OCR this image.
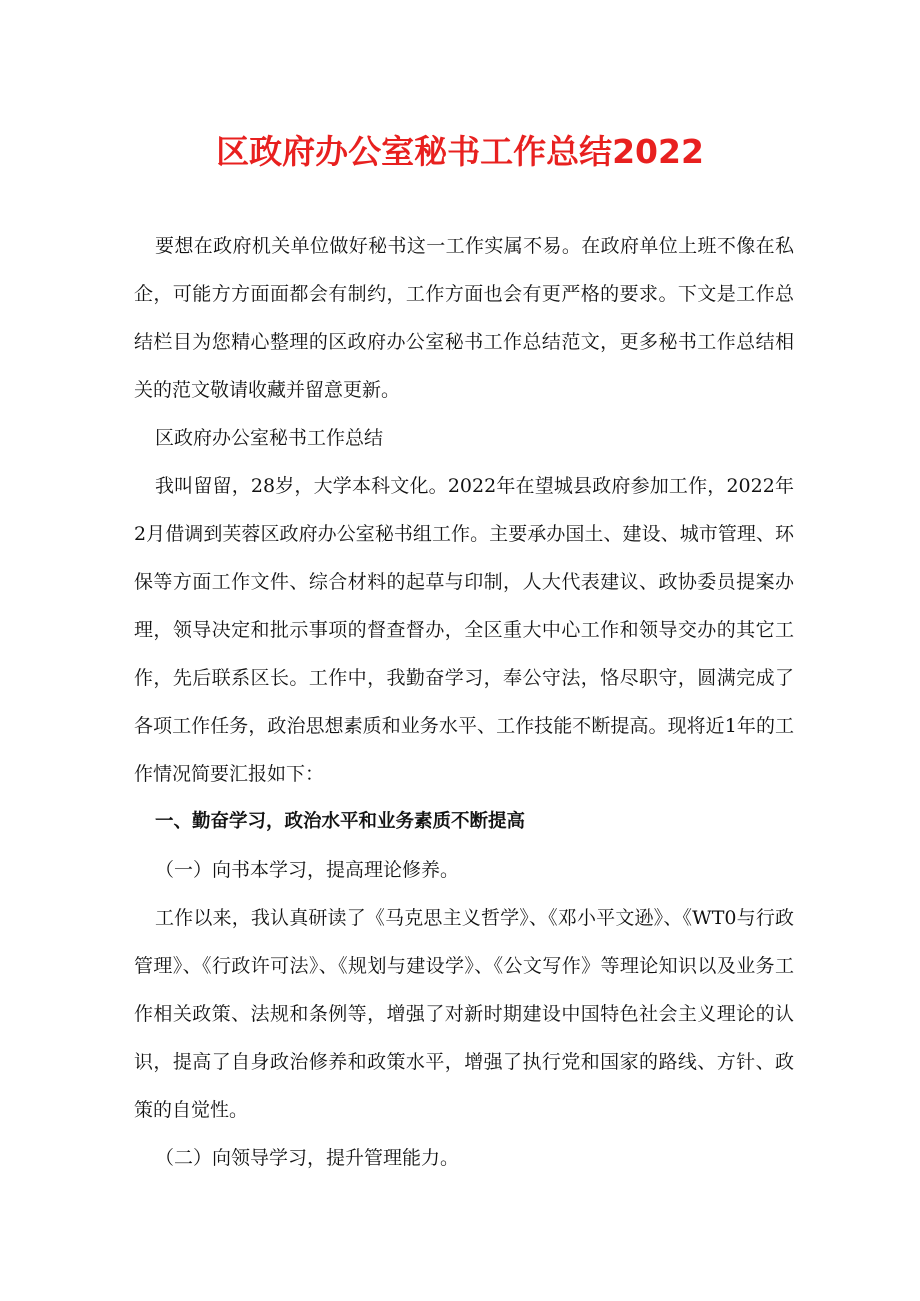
区政府办公室秘书工作总结2022

要想在政府机关单位做好秘书这一工作实属不易。在政府单位上班不像在私企，可能方方面面都会有制约，工作方面也会有更严格的要求。下文是工作总结栏目为您精心整理的区政府办公室秘书工作总结范文，更多秘书工作总结相关的范文敬请收藏并留意更新。

区政府办公室秘书工作总结

我叫留留，28岁，大学本科文化。2022年在望城县政府参加工作，2022年2月借调到芙蓉区政府办公室秘书组工作。主要承办国土、建设、城市管理、环保等方面工作文件、综合材料的起草与印制，人大代表建议、政协委员提案办理，领导决定和批示事项的督查督办，全区重大中心工作和领导交办的其它工作，先后联系区长。工作中，我勤奋学习，奉公守法，恪尽职守，圆满完成了各项工作任务，政治思想素质和业务水平、工作技能不断提高。现将近1年的工作情况简要汇报如下：

一、勤奋学习，政治水平和业务素质不断提高

（一）向书本学习，提高理论修养。

工作以来，我认真研读了《马克思主义哲学》、《邓小平文逊》、《WT0与行政管理》、《行政许可法》、《规划与建设学》、《公文写作》等理论知识以及业务工作相关政策、法规和条例等，增强了对新时期建设中国特色社会主义理论的认识，提高了自身政治修养和政策水平，增强了执行党和国家的路线、方针、政策的自觉性。

（二）向领导学习，提升管理能力。
